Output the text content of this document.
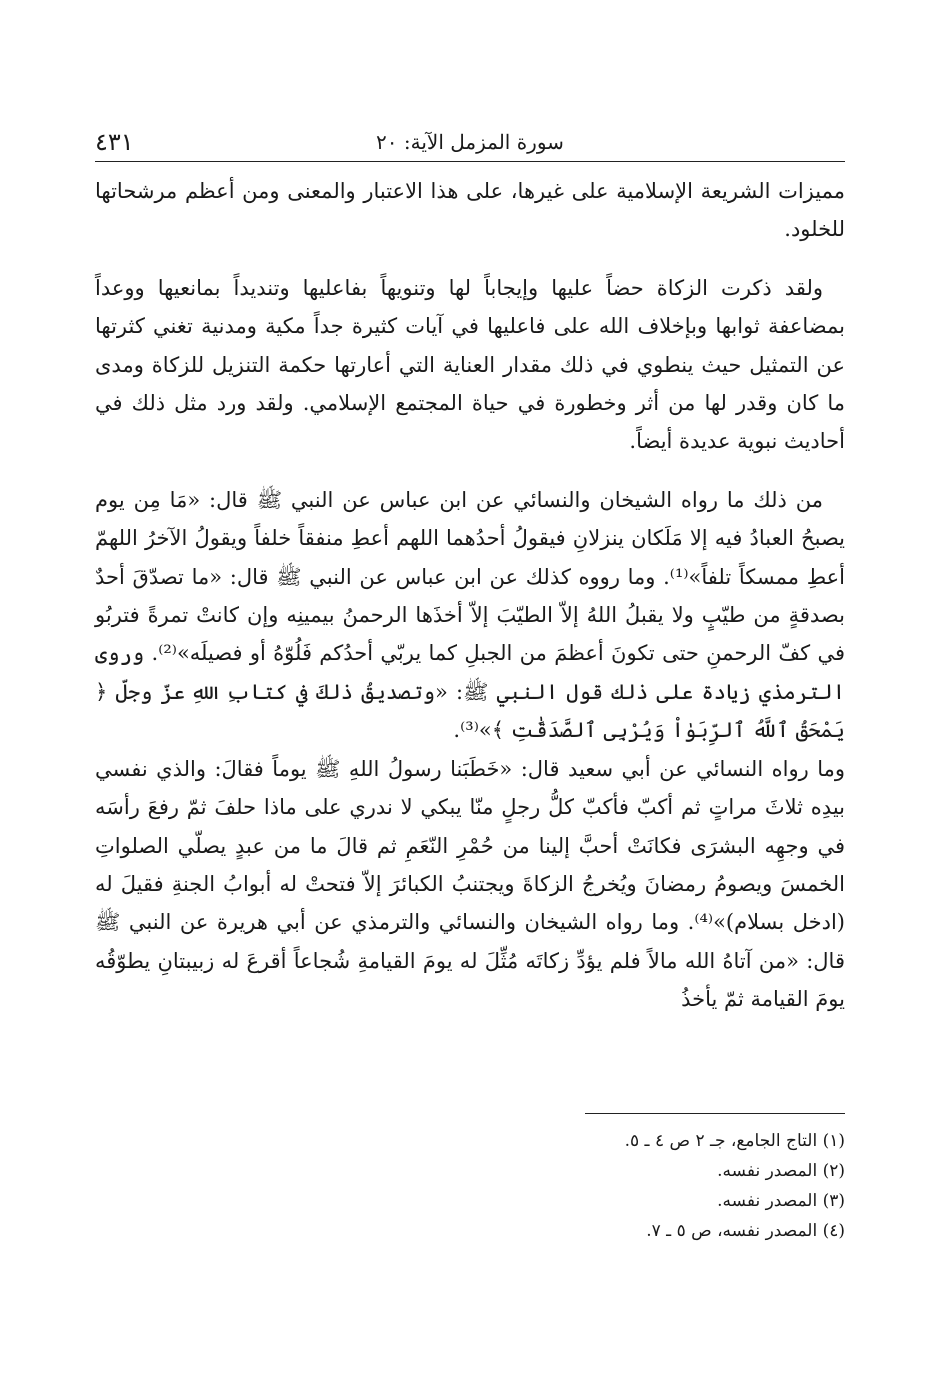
سورة المزمل الآية: ٢٠
٤٣١

مميزات الشريعة الإسلامية على غيرها، على هذا الاعتبار والمعنى ومن أعظم مرشحاتها للخلود.

ولقد ذكرت الزكاة حضاً عليها وإيجاباً لها وتنويهاً بفاعليها وتنديداً بمانعيها ووعداً بمضاعفة ثوابها وبإخلاف الله على فاعليها في آيات كثيرة جداً مكية ومدنية تغني كثرتها عن التمثيل حيث ينطوي في ذلك مقدار العناية التي أعارتها حكمة التنزيل للزكاة ومدى ما كان وقدر لها من أثر وخطورة في حياة المجتمع الإسلامي. ولقد ورد مثل ذلك في أحاديث نبوية عديدة أيضاً.

من ذلك ما رواه الشيخان والنسائي عن ابن عباس عن النبي ﷺ قال: «مَا مِن يوم يصبحُ العبادُ فيه إلا مَلَكان ينزلانِ فيقولُ أحدُهما اللهم أعطِ منفقاً خلفاً ويقولُ الآخرُ اللهمّ أعطِ ممسكاً تلفاً»⁽¹⁾. وما رووه كذلك عن ابن عباس عن النبي ﷺ قال: «ما تصدّقَ أحدٌ بصدقةٍ من طيّبٍ ولا يقبلُ اللهُ إلاّ الطيّبَ إلاّ أخذَها الرحمنُ بيمينِه وإن كانتْ تمرةً فتربُو في كفّ الرحمنِ حتى تكونَ أعظمَ من الجبلِ كما يربّي أحدُكم فَلُوّهُ أو فصيلَه»⁽²⁾. وروى الترمذي زيادة على ذلك قول النبي ﷺ: «وتصديقُ ذلكَ في كتابِ اللهِ عزّ وجلّ ﴿ يَمْحَقُ ٱللَّهُ ٱلرِّبَوٰاْ وَيُرْبِى ٱلصَّدَقَٰتِ ﴾»⁽³⁾.

وما رواه النسائي عن أبي سعيد قال: «خَطَبَنا رسولُ اللهِ ﷺ يوماً فقالَ: والذي نفسي بيدِه ثلاثَ مراتٍ ثم أكبّ فأكبّ كلُّ رجلٍ منّا يبكي لا ندري على ماذا حلفَ ثمّ رفعَ رأسَه في وجهِه البشرَى فكانَتْ أحبَّ إلينا من حُمْرِ النّعَمِ ثم قالَ ما من عبدٍ يصلّي الصلواتِ الخمسَ ويصومُ رمضانَ ويُخرجُ الزكاةَ ويجتنبُ الكبائرَ إلاّ فتحتْ له أبوابُ الجنةِ فقيلَ له (ادخل بسلام)»⁽⁴⁾. وما رواه الشيخان والنسائي والترمذي عن أبي هريرة عن النبي ﷺ قال: «من آتاهُ الله مالاً فلم يؤدِّ زكاتَه مُثِّلَ له يومَ القيامةِ شُجاعاً أقرعَ له زبيبتانِ يطوّقُه يومَ القيامة ثمّ يأخذُ

(١) التاج الجامع، جـ ٢ ص ٤ ـ ٥.

(٢) المصدر نفسه.

(٣) المصدر نفسه.

(٤) المصدر نفسه، ص ٥ ـ ٧.
